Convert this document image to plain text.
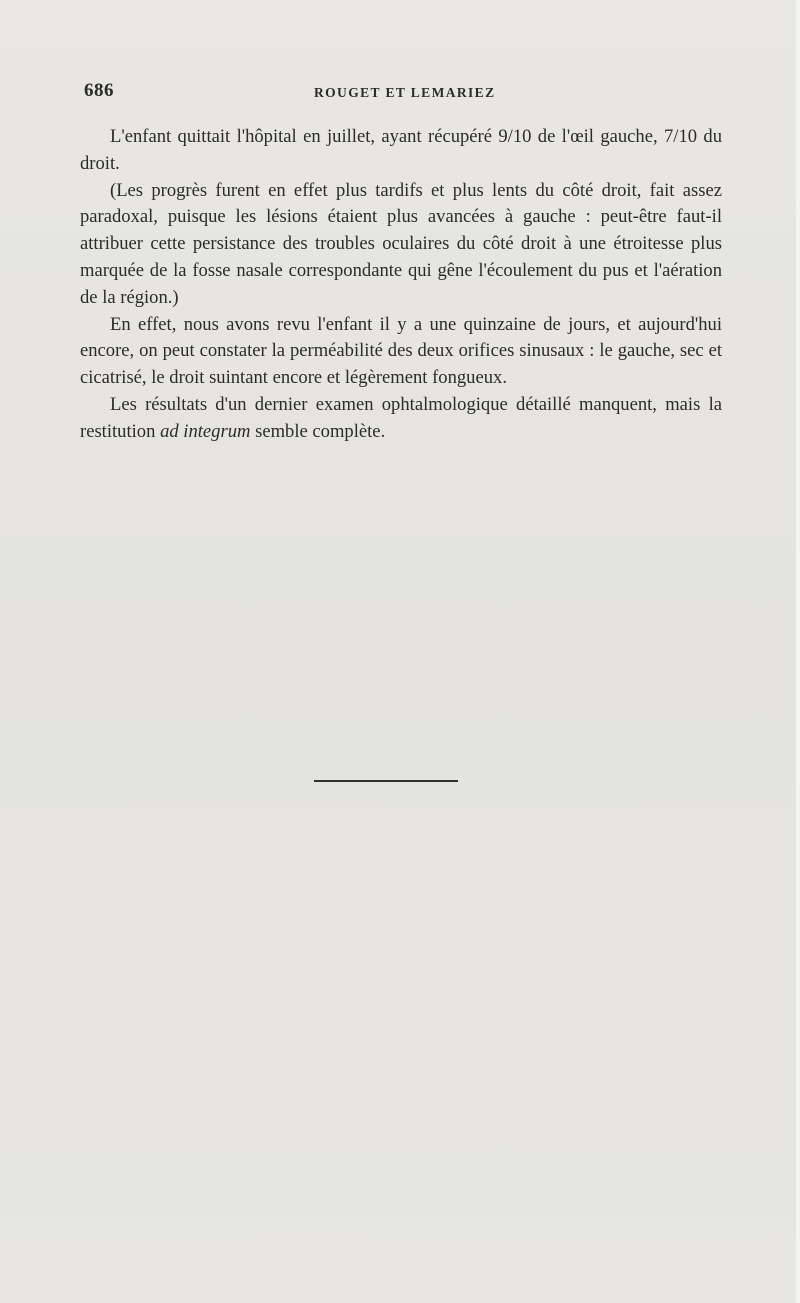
686	ROUGET ET LEMARIEZ

L'enfant quittait l'hôpital en juillet, ayant récupéré 9/10 de l'œil gauche, 7/10 du droit.

(Les progrès furent en effet plus tardifs et plus lents du côté droit, fait assez paradoxal, puisque les lésions étaient plus avancées à gauche : peut-être faut-il attribuer cette persistance des troubles oculaires du côté droit à une étroitesse plus marquée de la fosse nasale correspondante qui gêne l'écoulement du pus et l'aération de la région.)

En effet, nous avons revu l'enfant il y a une quinzaine de jours, et aujourd'hui encore, on peut constater la perméabilité des deux orifices sinusaux : le gauche, sec et cicatrisé, le droit suintant encore et légèrement fongueux.

Les résultats d'un dernier examen ophtalmologique détaillé manquent, mais la restitution ad integrum semble complète.
